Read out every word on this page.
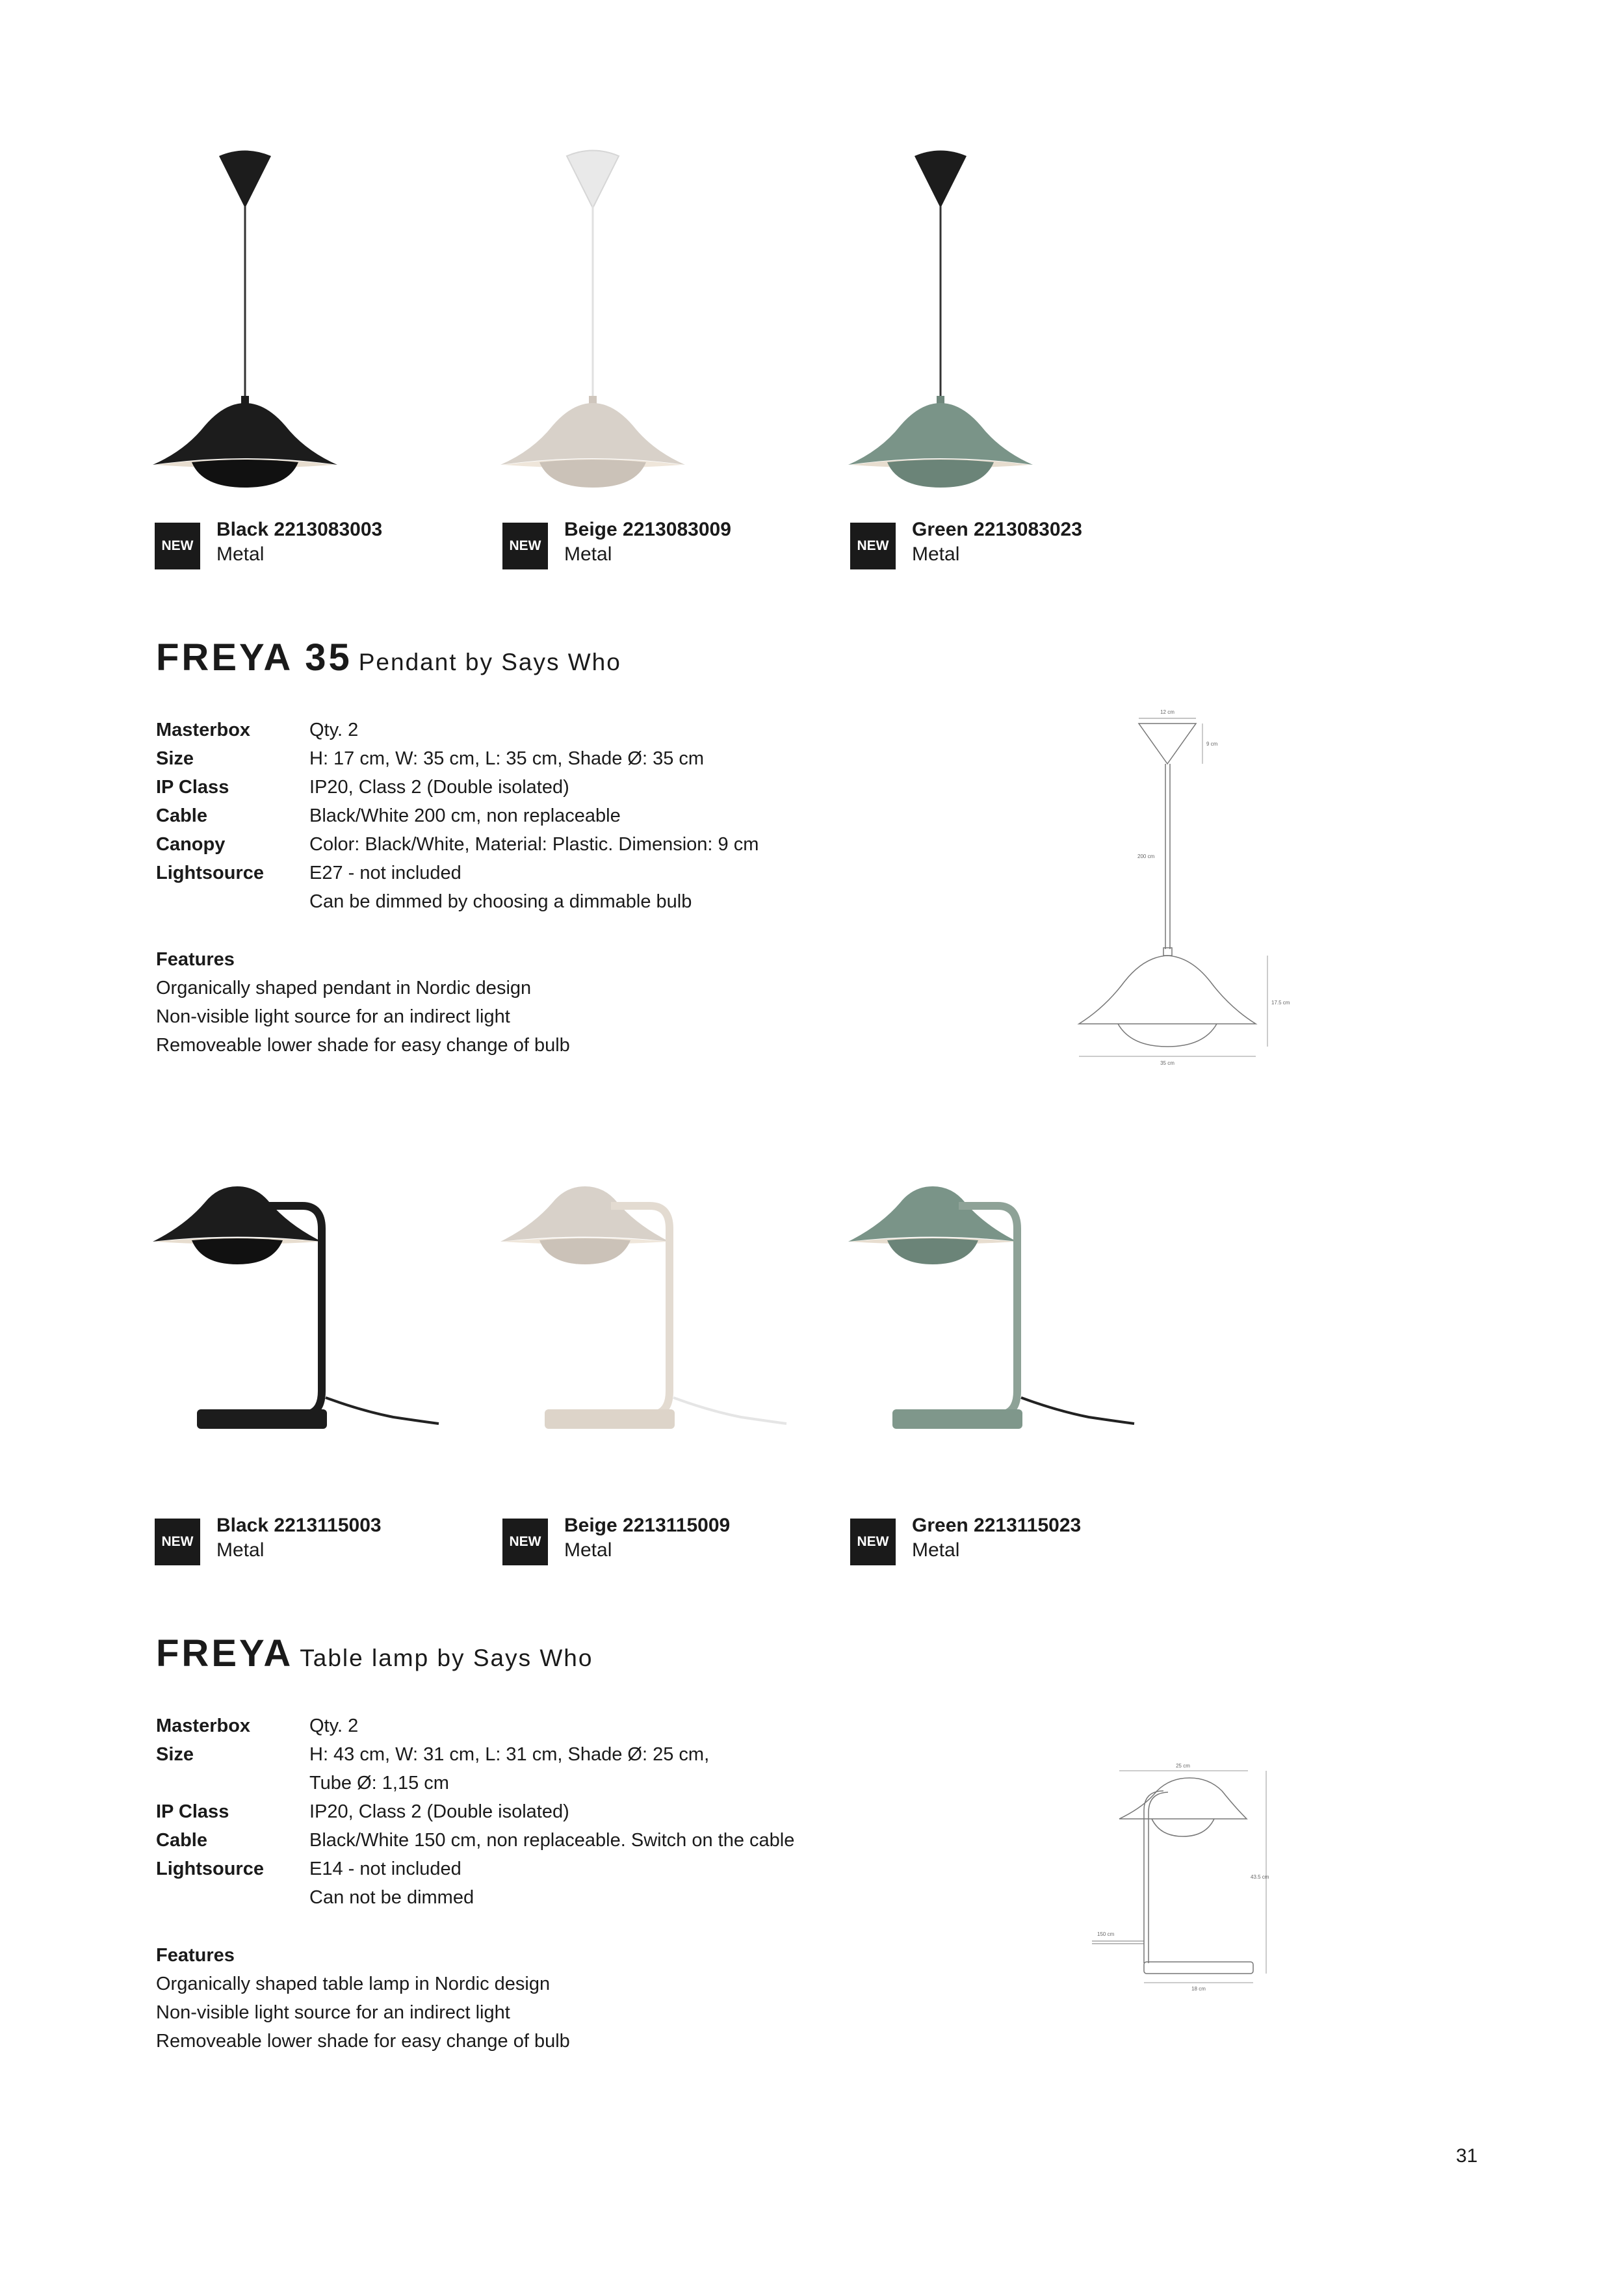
NEW
Black 2213083003
Metal	NEW
Beige 2213083009
Metal	NEW
Green 2213083023
Metal
FREYA 35 Pendant by Says Who
Masterbox	Qty. 2
Size	H: 17 cm, W: 35 cm, L: 35 cm, Shade Ø: 35 cm
IP Class	IP20, Class 2 (Double isolated)
Cable	Black/White 200 cm, non replaceable
Canopy	Color: Black/White, Material: Plastic. Dimension: 9 cm
Lightsource E27 - not included
Can be dimmed by choosing a dimmable bulb
Features
Organically shaped pendant in Nordic design
Non-visible light source for an indirect light
Removeable lower shade for easy change of bulb
12 cm
9 cm
200 cm
17.5 cm
35 cm
NEW
Black 2213115003
Metal	NEW
Beige 2213115009
Metal	NEW
Green 2213115023
Metal
FREYA Table lamp by Says Who
Masterbox	Qty. 2
Size	H: 43 cm, W: 31 cm, L: 31 cm, Shade Ø: 25 cm,
Tube Ø: 1,15 cm
IP Class	IP20, Class 2 (Double isolated)
Cable	Black/White 150 cm, non replaceable. Switch on the cable
Lightsource E14 - not included
Can not be dimmed
Features
Organically shaped table lamp in Nordic design
Non-visible light source for an indirect light
Removeable lower shade for easy change of bulb
25 cm
150 cm
18 cm
43.5 cm
31
